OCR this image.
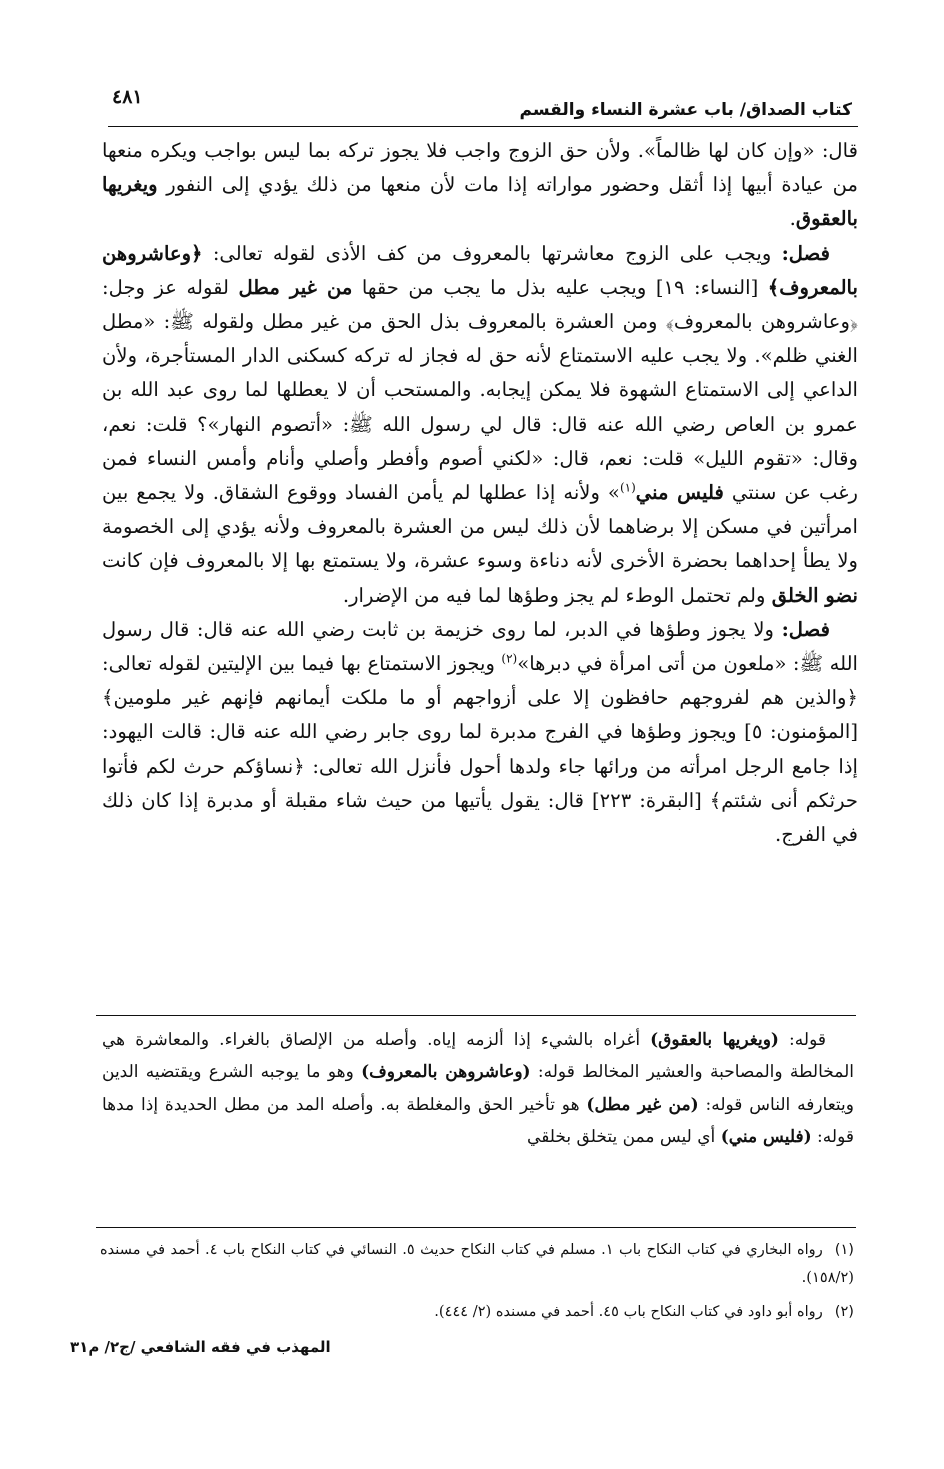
٤٨١
كتاب الصداق/ باب عشرة النساء والقسم

قال: «وإن كان لها ظالماً». ولأن حق الزوج واجب فلا يجوز تركه بما ليس بواجب ويكره منعها من عيادة أبيها إذا أثقل وحضور مواراته إذا مات لأن منعها من ذلك يؤدي إلى النفور ويغريها بالعقوق.

فصل: ويجب على الزوج معاشرتها بالمعروف من كف الأذى لقوله تعالى: ﴿وعاشروهن بالمعروف﴾ [النساء: ١٩] ويجب عليه بذل ما يجب من حقها من غير مطل لقوله عز وجل: ﴿وعاشروهن بالمعروف﴾ ومن العشرة بالمعروف بذل الحق من غير مطل ولقوله ﷺ: «مطل الغني ظلم». ولا يجب عليه الاستمتاع لأنه حق له فجاز له تركه كسكنى الدار المستأجرة، ولأن الداعي إلى الاستمتاع الشهوة فلا يمكن إيجابه. والمستحب أن لا يعطلها لما روى عبد الله بن عمرو بن العاص رضي الله عنه قال: قال لي رسول الله ﷺ: «أتصوم النهار»؟ قلت: نعم، وقال: «تقوم الليل» قلت: نعم، قال: «لكني أصوم وأفطر وأصلي وأنام وأمس النساء فمن رغب عن سنتي فليس مني$^{(١)}$» ولأنه إذا عطلها لم يأمن الفساد ووقوع الشقاق. ولا يجمع بين امرأتين في مسكن إلا برضاهما لأن ذلك ليس من العشرة بالمعروف ولأنه يؤدي إلى الخصومة ولا يطأ إحداهما بحضرة الأخرى لأنه دناءة وسوء عشرة، ولا يستمتع بها إلا بالمعروف فإن كانت نضو الخلق ولم تحتمل الوطء لم يجز وطؤها لما فيه من الإضرار.

فصل: ولا يجوز وطؤها في الدبر، لما روى خزيمة بن ثابت رضي الله عنه قال: قال رسول الله ﷺ: «ملعون من أتى امرأة في دبرها»$^{(٢)}$ ويجوز الاستمتاع بها فيما بين الإليتين لقوله تعالى: ﴿والذين هم لفروجهم حافظون إلا على أزواجهم أو ما ملكت أيمانهم فإنهم غير ملومين﴾ [المؤمنون: ٥] ويجوز وطؤها في الفرج مدبرة لما روى جابر رضي الله عنه قال: قالت اليهود: إذا جامع الرجل امرأته من ورائها جاء ولدها أحول فأنزل الله تعالى: ﴿نساؤكم حرث لكم فأتوا حرثكم أنى شئتم﴾ [البقرة: ٢٢٣] قال: يقول يأتيها من حيث شاء مقبلة أو مدبرة إذا كان ذلك في الفرج.

قوله: (ويغريها بالعقوق) أغراه بالشيء إذا ألزمه إياه. وأصله من الإلصاق بالغراء. والمعاشرة هي المخالطة والمصاحبة والعشير المخالط قوله: (وعاشروهن بالمعروف) وهو ما يوجبه الشرع ويقتضيه الدين ويتعارفه الناس قوله: (من غير مطل) هو تأخير الحق والمغلطة به. وأصله المد من مطل الحديدة إذا مدها قوله: (فليس مني) أي ليس ممن يتخلق بخلقي

(١)رواه البخاري في كتاب النكاح باب ١. مسلم في كتاب النكاح حديث ٥. النسائي في كتاب النكاح باب ٤. أحمد في مسنده (١٥٨/٢).

(٢)رواه أبو داود في كتاب النكاح باب ٤٥. أحمد في مسنده (٢/ ٤٤٤).

المهذب في فقه الشافعي /ج٢/ م٣١
